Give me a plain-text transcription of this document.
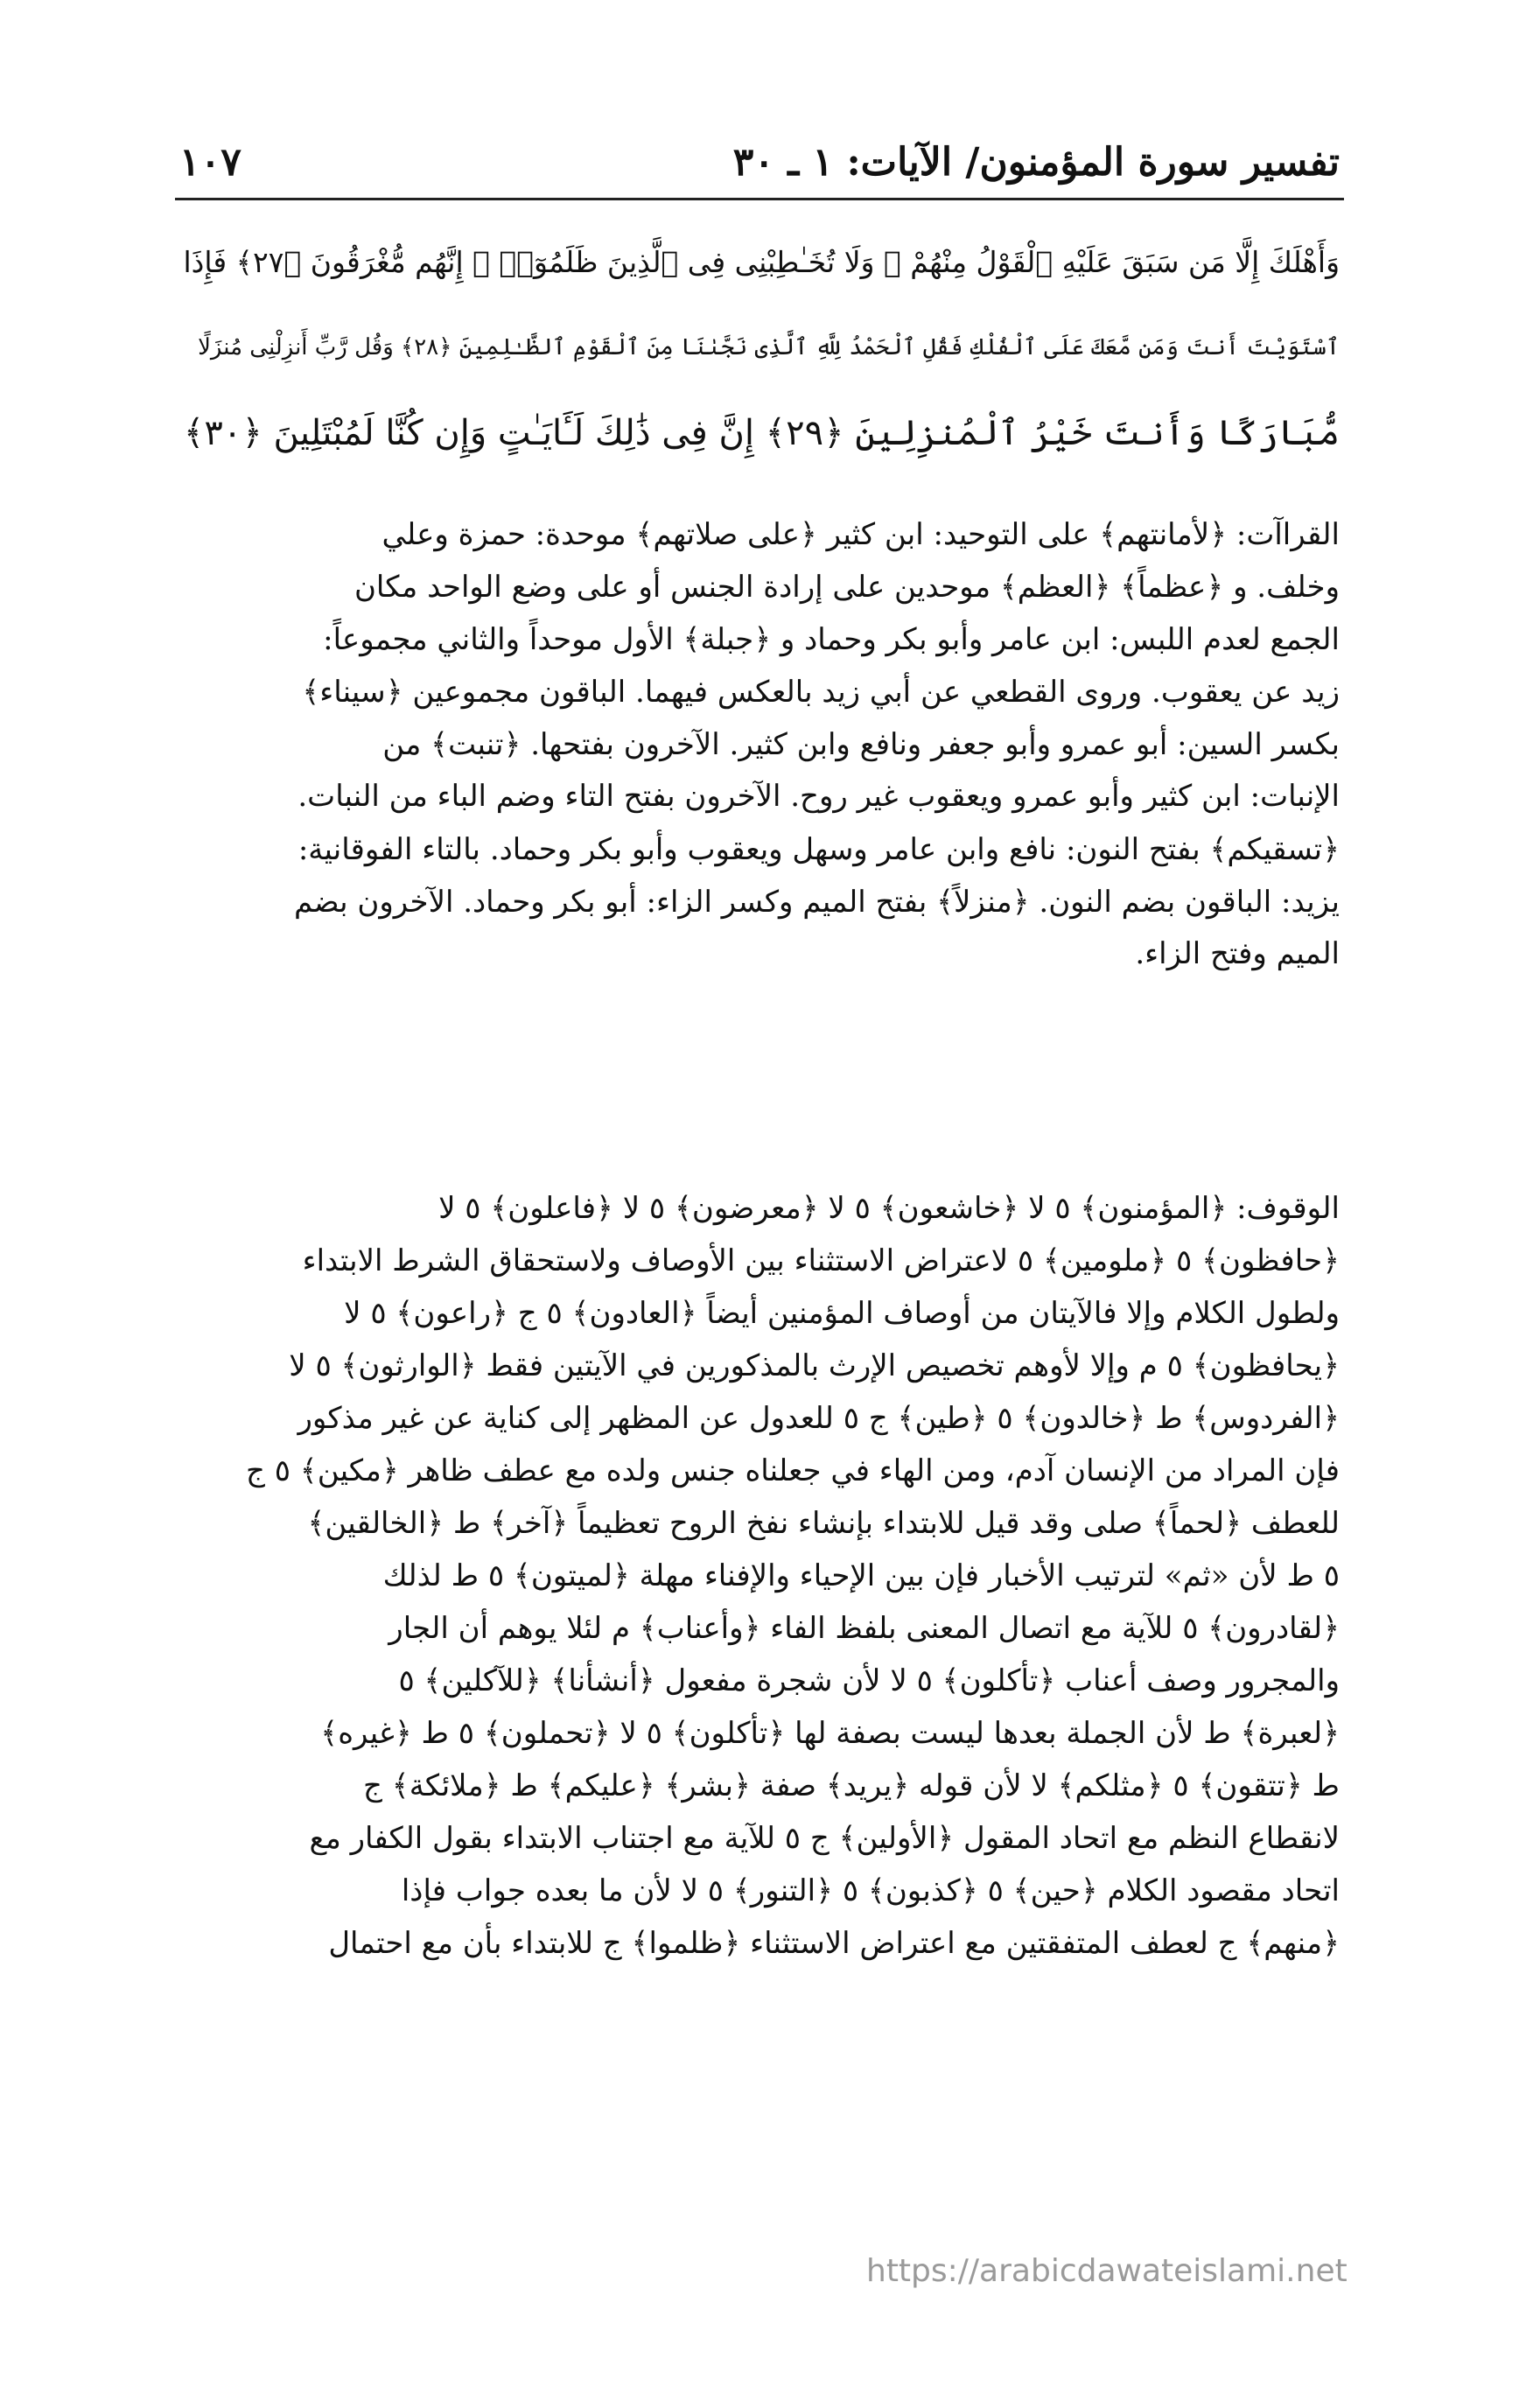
تفسير سورة المؤمنون/ الآيات: ١ ـ ٣٠
١٠٧
وَأَهْلَكَ إِلَّا مَن سَبَقَ عَلَيْهِ ٱلْقَوْلُ مِنْهُمْ ۖ وَلَا تُخَـٰطِبْنِى فِى ٱلَّذِينَ ظَلَمُوٓا۟ ۖ إِنَّهُم مُّغْرَقُونَ ﴿٢٧﴾ فَإِذَا
ٱسْتَوَيْتَ أَنتَ وَمَن مَّعَكَ عَلَى ٱلْفُلْكِ فَقُلِ ٱلْحَمْدُ لِلَّهِ ٱلَّذِى نَجَّىٰنَا مِنَ ٱلْقَوْمِ ٱلظَّـٰلِمِينَ ﴿٢٨﴾ وَقُل رَّبِّ أَنزِلْنِى مُنزَلًا
مُّبَارَكًا وَأَنتَ خَيْرُ ٱلْمُنزِلِينَ ﴿٢٩﴾ إِنَّ فِى ذَٰلِكَ لَـَٔايَـٰتٍ وَإِن كُنَّا لَمُبْتَلِينَ ﴿٣٠﴾
القراآت: ﴿لأمانتهم﴾ على التوحيد: ابن كثير ﴿على صلاتهم﴾ موحدة: حمزة وعلي
وخلف. و ﴿عظماً﴾ ﴿العظم﴾ موحدين على إرادة الجنس أو على وضع الواحد مكان
الجمع لعدم اللبس: ابن عامر وأبو بكر وحماد و ﴿جبلة﴾ الأول موحداً والثاني مجموعاً:
زيد عن يعقوب. وروى القطعي عن أبي زيد بالعكس فيهما. الباقون مجموعين ﴿سيناء﴾
بكسر السين: أبو عمرو وأبو جعفر ونافع وابن كثير. الآخرون بفتحها. ﴿تنبت﴾ من
الإنبات: ابن كثير وأبو عمرو ويعقوب غير روح. الآخرون بفتح التاء وضم الباء من النبات.
﴿تسقيكم﴾ بفتح النون: نافع وابن عامر وسهل ويعقوب وأبو بكر وحماد. بالتاء الفوقانية:
يزيد: الباقون بضم النون. ﴿منزلاً﴾ بفتح الميم وكسر الزاء: أبو بكر وحماد. الآخرون بضم
الميم وفتح الزاء.
الوقوف: ﴿المؤمنون﴾ ٥ لا ﴿خاشعون﴾ ٥ لا ﴿معرضون﴾ ٥ لا ﴿فاعلون﴾ ٥ لا
﴿حافظون﴾ ٥ ﴿ملومين﴾ ٥ لاعتراض الاستثناء بين الأوصاف ولاستحقاق الشرط الابتداء
ولطول الكلام وإلا فالآيتان من أوصاف المؤمنين أيضاً ﴿العادون﴾ ٥ ج ﴿راعون﴾ ٥ لا
﴿يحافظون﴾ ٥ م وإلا لأوهم تخصيص الإرث بالمذكورين في الآيتين فقط ﴿الوارثون﴾ ٥ لا
﴿الفردوس﴾ ط ﴿خالدون﴾ ٥ ﴿طين﴾ ج ٥ للعدول عن المظهر إلى كناية عن غير مذكور
فإن المراد من الإنسان آدم، ومن الهاء في جعلناه جنس ولده مع عطف ظاهر ﴿مكين﴾ ٥ ج
للعطف ﴿لحماً﴾ صلى وقد قيل للابتداء بإنشاء نفخ الروح تعظيماً ﴿آخر﴾ ط ﴿الخالقين﴾
٥ ط لأن «ثم» لترتيب الأخبار فإن بين الإحياء والإفناء مهلة ﴿لميتون﴾ ٥ ط لذلك
﴿لقادرون﴾ ٥ للآية مع اتصال المعنى بلفظ الفاء ﴿وأعناب﴾ م لئلا يوهم أن الجار
والمجرور وصف أعناب ﴿تأكلون﴾ ٥ لا لأن شجرة مفعول ﴿أنشأنا﴾ ﴿للآكلين﴾ ٥
﴿لعبرة﴾ ط لأن الجملة بعدها ليست بصفة لها ﴿تأكلون﴾ ٥ لا ﴿تحملون﴾ ٥ ط ﴿غيره﴾
ط ﴿تتقون﴾ ٥ ﴿مثلكم﴾ لا لأن قوله ﴿يريد﴾ صفة ﴿بشر﴾ ﴿عليكم﴾ ط ﴿ملائكة﴾ ج
لانقطاع النظم مع اتحاد المقول ﴿الأولين﴾ ج ٥ للآية مع اجتناب الابتداء بقول الكفار مع
اتحاد مقصود الكلام ﴿حين﴾ ٥ ﴿كذبون﴾ ٥ ﴿التنور﴾ ٥ لا لأن ما بعده جواب فإذا
﴿منهم﴾ ج لعطف المتفقتين مع اعتراض الاستثناء ﴿ظلموا﴾ ج للابتداء بأن مع احتمال
https://arabicdawateislami.net
